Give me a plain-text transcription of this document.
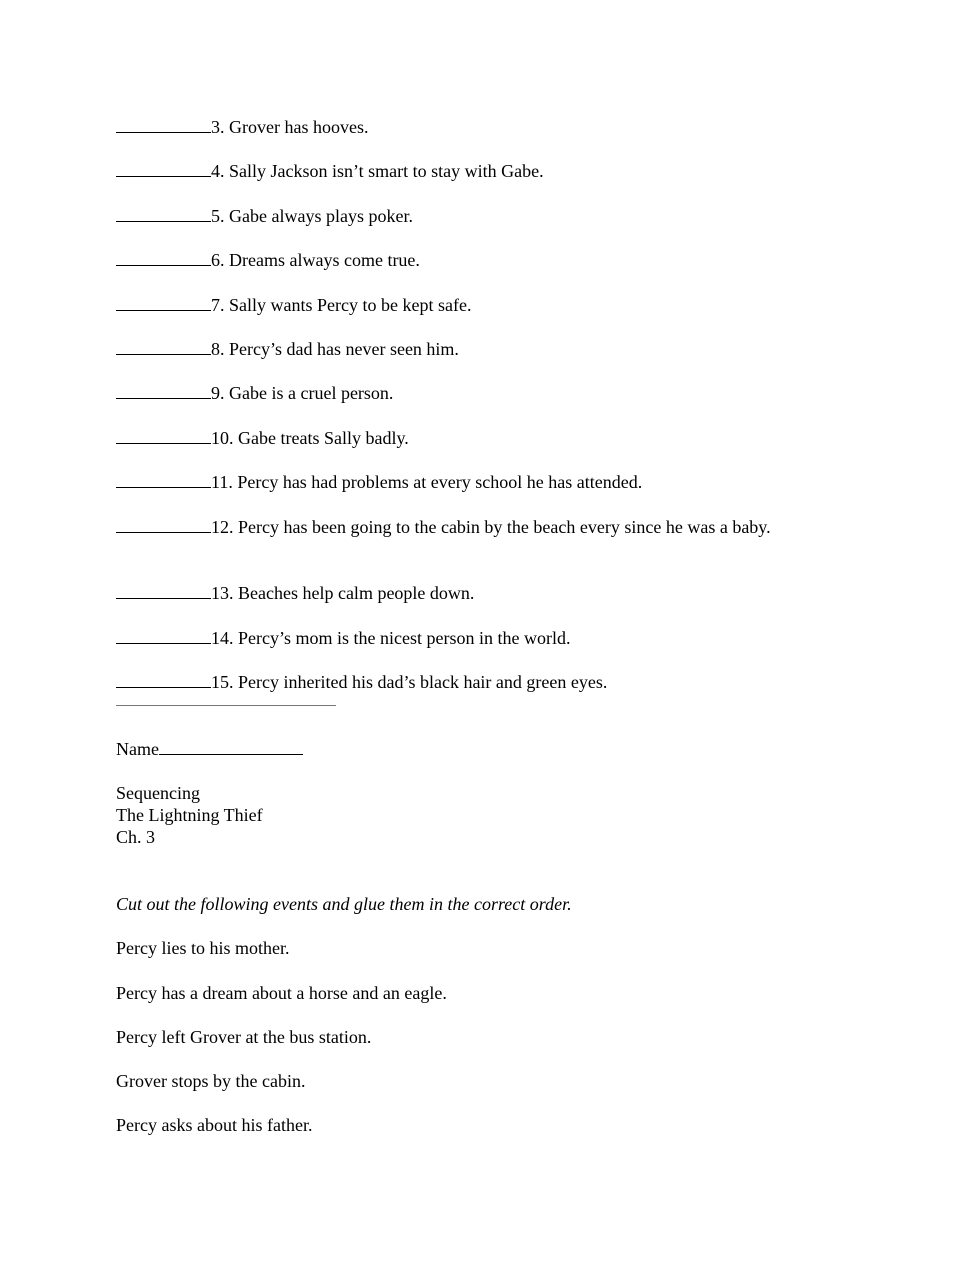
3. Grover has hooves.
4. Sally Jackson isn’t smart to stay with Gabe.
5. Gabe always plays poker.
6. Dreams always come true.
7. Sally wants Percy to be kept safe.
8. Percy’s dad has never seen him.
9. Gabe is a cruel person.
10. Gabe treats Sally badly.
11. Percy has had problems at every school he has attended.
12. Percy has been going to the cabin by the beach every since he was a baby.
13. Beaches help calm people down.
14. Percy’s mom is the nicest person in the world.
15. Percy inherited his dad’s black hair and green eyes.
Name
Sequencing
The Lightning Thief
Ch. 3
Cut out the following events and glue them in the correct order.
Percy lies to his mother.
Percy has a dream about a horse and an eagle.
Percy left Grover at the bus station.
Grover stops by the cabin.
Percy asks about his father.
